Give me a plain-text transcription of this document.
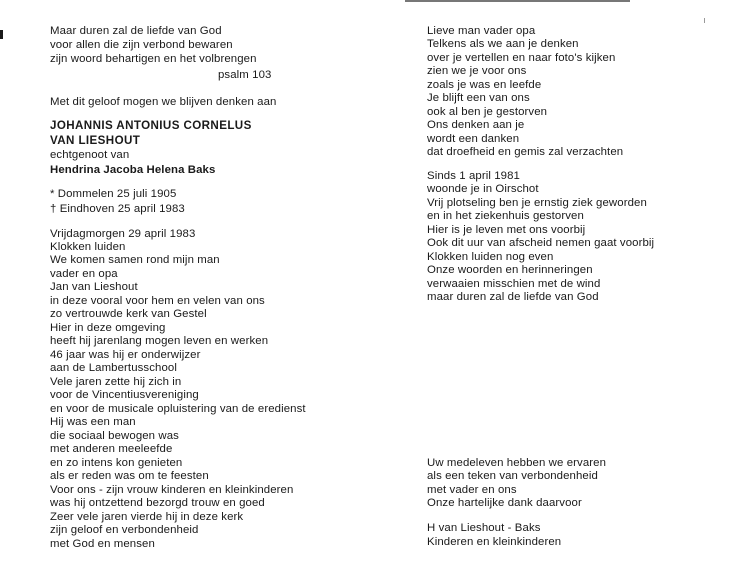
Maar duren zal de liefde van God
voor allen die zijn verbond bewaren
zijn woord behartigen en het volbrengen
psalm 103
Met dit geloof mogen we blijven denken aan
JOHANNIS ANTONIUS CORNELUS
VAN LIESHOUT
echtgenoot van
Hendrina Jacoba Helena Baks
* Dommelen 25 juli 1905
† Eindhoven 25 april 1983
Vrijdagmorgen 29 april 1983
Klokken luiden
We komen samen rond mijn man
vader en opa
Jan van Lieshout
in deze vooral voor hem en velen van ons
zo vertrouwde kerk van Gestel
Hier in deze omgeving
heeft hij jarenlang mogen leven en werken
46 jaar was hij er onderwijzer
aan de Lambertusschool
Vele jaren zette hij zich in
voor de Vincentiusvereniging
en voor de musicale opluistering van de eredienst
Hij was een man
die sociaal bewogen was
met anderen meeleefde
en zo intens kon genieten
als er reden was om te feesten
Voor ons - zijn vrouw kinderen en kleinkinderen
was hij ontzettend bezorgd trouw en goed
Zeer vele jaren vierde hij in deze kerk
zijn geloof en verbondenheid
met God en mensen
Lieve man vader opa
Telkens als we aan je denken
over je vertellen en naar foto's kijken
zien we je voor ons
zoals je was en leefde
Je blijft een van ons
ook al ben je gestorven
Ons denken aan je
wordt een danken
dat droefheid en gemis zal verzachten
Sinds 1 april 1981
woonde je in Oirschot
Vrij plotseling ben je ernstig ziek geworden
en in het ziekenhuis gestorven
Hier is je leven met ons voorbij
Ook dit uur van afscheid nemen gaat voorbij
Klokken luiden nog even
Onze woorden en herinneringen
verwaaien misschien met de wind
maar duren zal de liefde van God
Uw medeleven hebben we ervaren
als een teken van verbondenheid
met vader en ons
Onze hartelijke dank daarvoor
H van Lieshout - Baks
Kinderen en kleinkinderen
